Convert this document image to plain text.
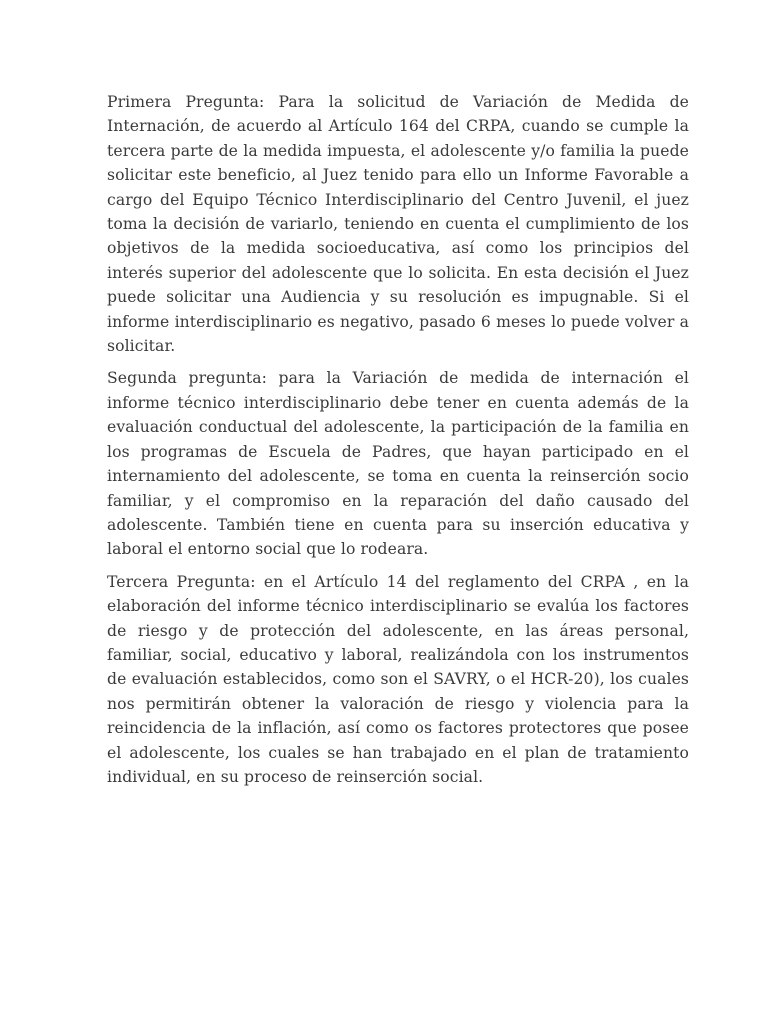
Primera Pregunta: Para la solicitud de Variación de Medida de Internación, de acuerdo al Artículo 164 del CRPA, cuando se cumple la tercera parte de la medida impuesta, el adolescente y/o familia la puede solicitar este beneficio, al Juez tenido para ello un Informe Favorable a cargo del Equipo Técnico Interdisciplinario del Centro Juvenil, el juez toma la decisión de variarlo, teniendo en cuenta el cumplimiento de los objetivos de la medida socioeducativa, así como los principios del interés superior del adolescente que lo solicita. En esta decisión el Juez puede solicitar una Audiencia y su resolución es impugnable. Si el informe interdisciplinario es negativo, pasado 6 meses lo puede volver a solicitar.

Segunda pregunta: para la Variación de medida de internación el informe técnico interdisciplinario debe tener en cuenta además de la evaluación conductual del adolescente, la participación de la familia en los programas de Escuela de Padres, que hayan participado en el internamiento del adolescente, se toma en cuenta la reinserción socio familiar, y el compromiso en la reparación del daño causado del adolescente. También tiene en cuenta para su inserción educativa y laboral el entorno social que lo rodeara.

Tercera Pregunta: en el Artículo 14 del reglamento del CRPA , en la elaboración del informe técnico interdisciplinario se evalúa los factores de riesgo y de protección del adolescente, en las áreas personal, familiar, social, educativo y laboral, realizándola con los instrumentos de evaluación establecidos, como son el SAVRY, o el HCR-20), los cuales nos permitirán obtener la valoración de riesgo y violencia para la reincidencia de la inflación, así como os factores protectores que posee el adolescente, los cuales se han trabajado en el plan de tratamiento individual, en su proceso de reinserción social.
